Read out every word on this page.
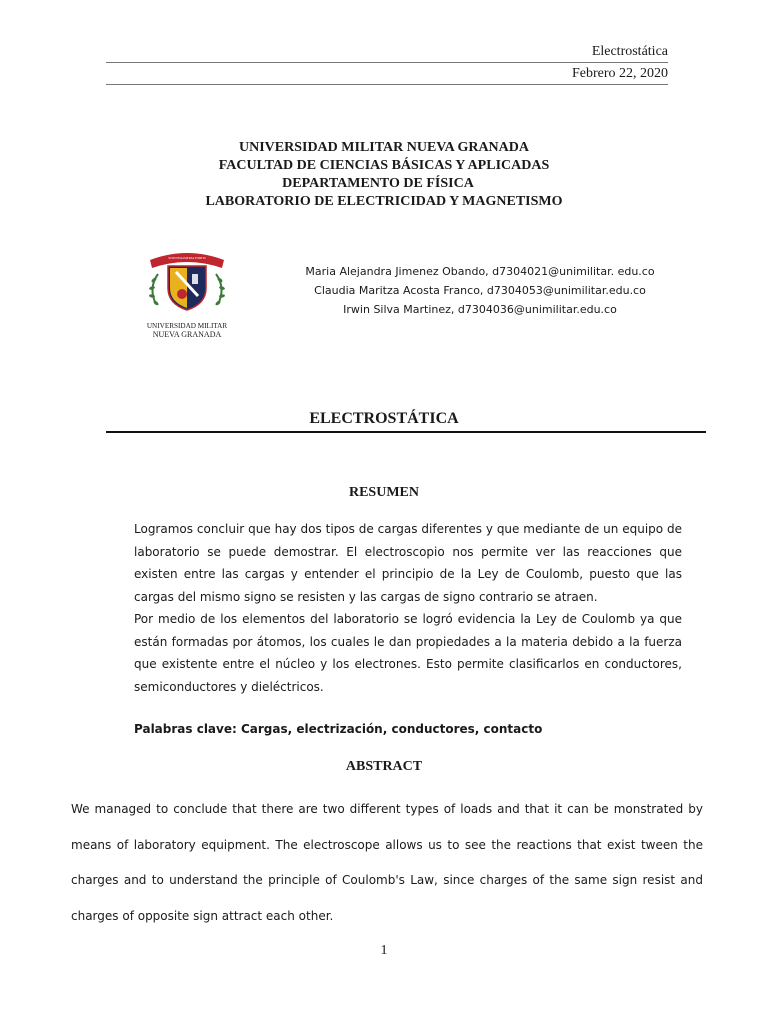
Electrostática
Febrero 22, 2020
UNIVERSIDAD MILITAR NUEVA GRANADA
FACULTAD DE CIENCIAS BÁSICAS Y APLICADAS
DEPARTAMENTO DE FÍSICA
LABORATORIO DE ELECTRICIDAD Y MAGNETISMO
SCIENTIA PATRIA FORTIS
UNIVERSIDAD MILITAR
NUEVA GRANADA
Maria Alejandra Jimenez Obando, d7304021@unimilitar. edu.co
Claudia Maritza Acosta Franco, d7304053@unimilitar.edu.co
Irwin Silva Martinez, d7304036@unimilitar.edu.co
ELECTROSTÁTICA
RESUMEN

Logramos concluir que hay dos tipos de cargas diferentes y que mediante de un equipo de laboratorio se puede demostrar. El electroscopio nos permite ver las reacciones que existen entre las cargas y entender el principio de la Ley de Coulomb, puesto que las cargas del mismo signo se resisten y las cargas de signo contrario se atraen.

Por medio de los elementos del laboratorio se logró evidencia la Ley de Coulomb ya que están formadas por átomos, los cuales le dan propiedades a la materia debido a la fuerza que existente entre el núcleo y los electrones. Esto permite clasificarlos en conductores, semiconductores y dieléctricos.

Palabras clave: Cargas, electrización, conductores, contacto
ABSTRACT
We managed to conclude that there are two different types of loads and that it can be monstrated by means of laboratory equipment. The electroscope allows us to see the reactions that exist tween the charges and to understand the principle of Coulomb's Law, since charges of the same sign resist and charges of opposite sign attract each other.
1
